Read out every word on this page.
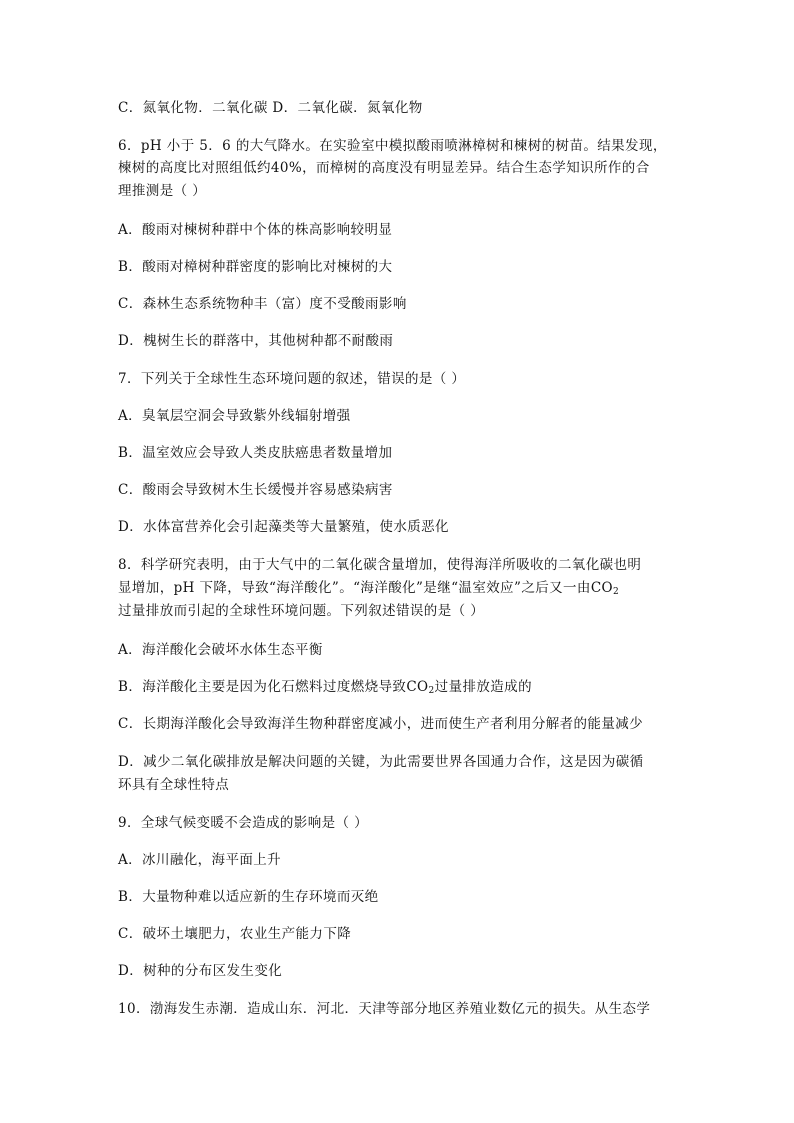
C．氮氧化物．二氧化碳 D．二氧化碳．氮氧化物
6．pH 小于 5．6 的大气降水。在实验室中模拟酸雨喷淋樟树和楝树的树苗。结果发现，
楝树的高度比对照组低约40%，而樟树的高度没有明显差异。结合生态学知识所作的合
理推测是（ ）
A．酸雨对楝树种群中个体的株高影响较明显
B．酸雨对樟树种群密度的影响比对楝树的大
C．森林生态系统物种丰（富）度不受酸雨影响
D．槐树生长的群落中，其他树种都不耐酸雨
7．下列关于全球性生态环境问题的叙述，错误的是（ ）
A．臭氧层空洞会导致紫外线辐射增强
B．温室效应会导致人类皮肤癌患者数量增加
C．酸雨会导致树木生长缓慢并容易感染病害
D．水体富营养化会引起藻类等大量繁殖，使水质恶化
8．科学研究表明，由于大气中的二氧化碳含量增加，使得海洋所吸收的二氧化碳也明
显增加，pH 下降，导致“海洋酸化”。“海洋酸化”是继“温室效应”之后又一由$CO_2$
过量排放而引起的全球性环境问题。下列叙述错误的是（ ）
A．海洋酸化会破坏水体生态平衡
B．海洋酸化主要是因为化石燃料过度燃烧导致$CO_2$过量排放造成的
C．长期海洋酸化会导致海洋生物种群密度减小，进而使生产者利用分解者的能量减少
D．减少二氧化碳排放是解决问题的关键，为此需要世界各国通力合作，这是因为碳循
环具有全球性特点
9．全球气候变暖不会造成的影响是（ ）
A．冰川融化，海平面上升
B．大量物种难以适应新的生存环境而灭绝
C．破坏土壤肥力，农业生产能力下降
D．树种的分布区发生变化
10．渤海发生赤潮．造成山东．河北．天津等部分地区养殖业数亿元的损失。从生态学
